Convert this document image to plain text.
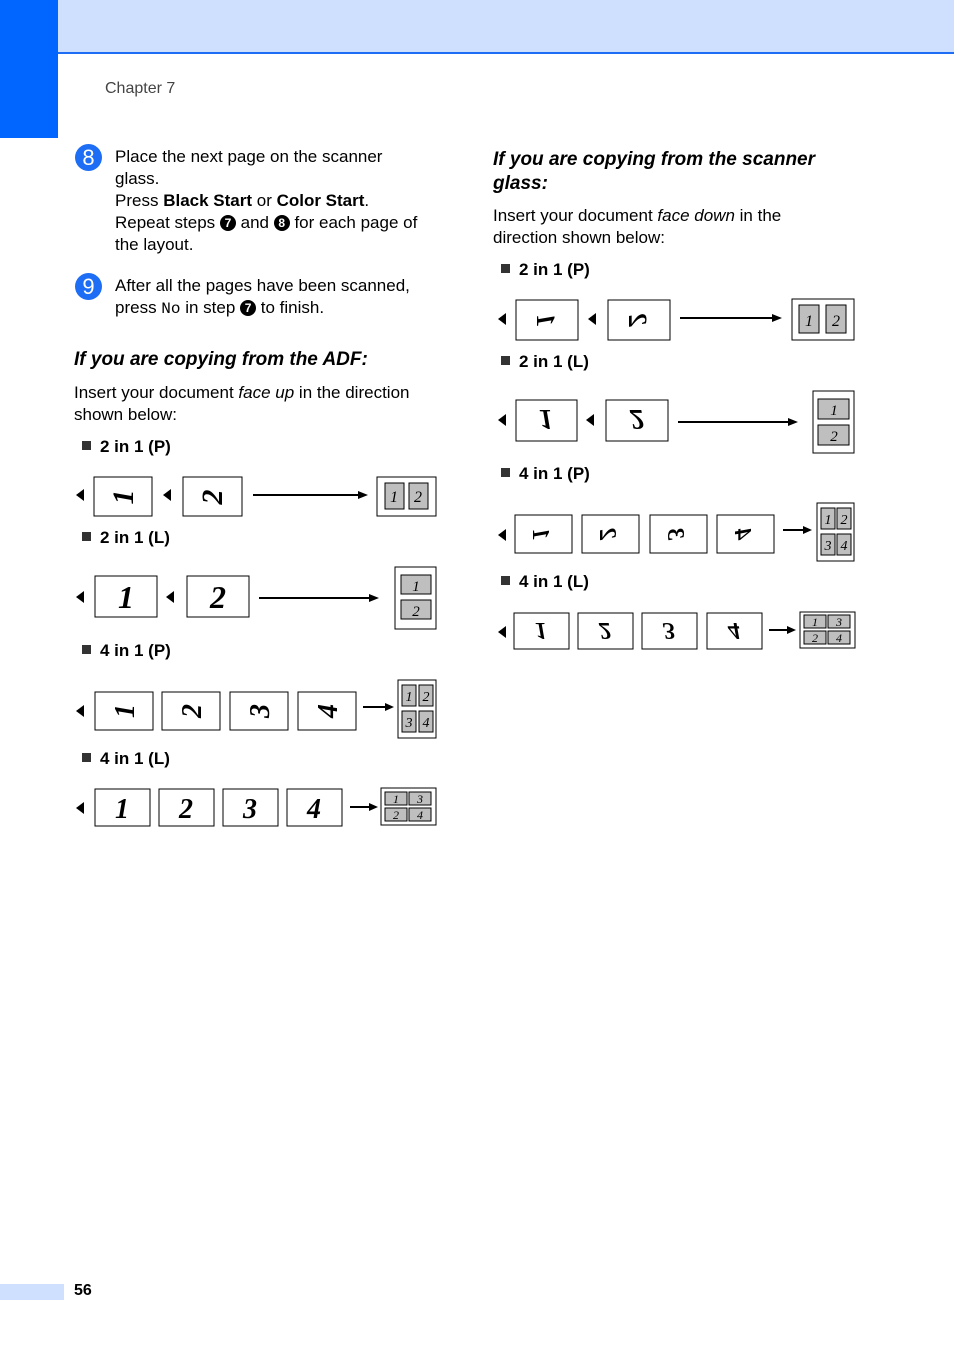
Chapter 7
8	Place the next page on the scanner
glass.
Press Black Start or Color Start.
Repeat steps 7 and 8 for each page of
the layout.
9	After all the pages have been scanned,
press No in step 7 to finish.
If you are copying from the ADF:
Insert your document face up in the direction
shown below:
2 in 1 (P)
2 in 1 (L)
4 in 1 (P)
4 in 1 (L)
1 2	1 2
1 2	1
2
1 2 3 4
1 2
3 4
1 2 3 4	1 3
2 4
If you are copying from the scanner
glass:
Insert your document face down in the
direction shown below:
2 in 1 (P)
2 in 1 (L)
4 in 1 (P)
4 in 1 (L)
1 2	1 2
1	2	1
2
1 2 3 4
1 2
3 4
1 2 3 4	1 3
2 4
56
